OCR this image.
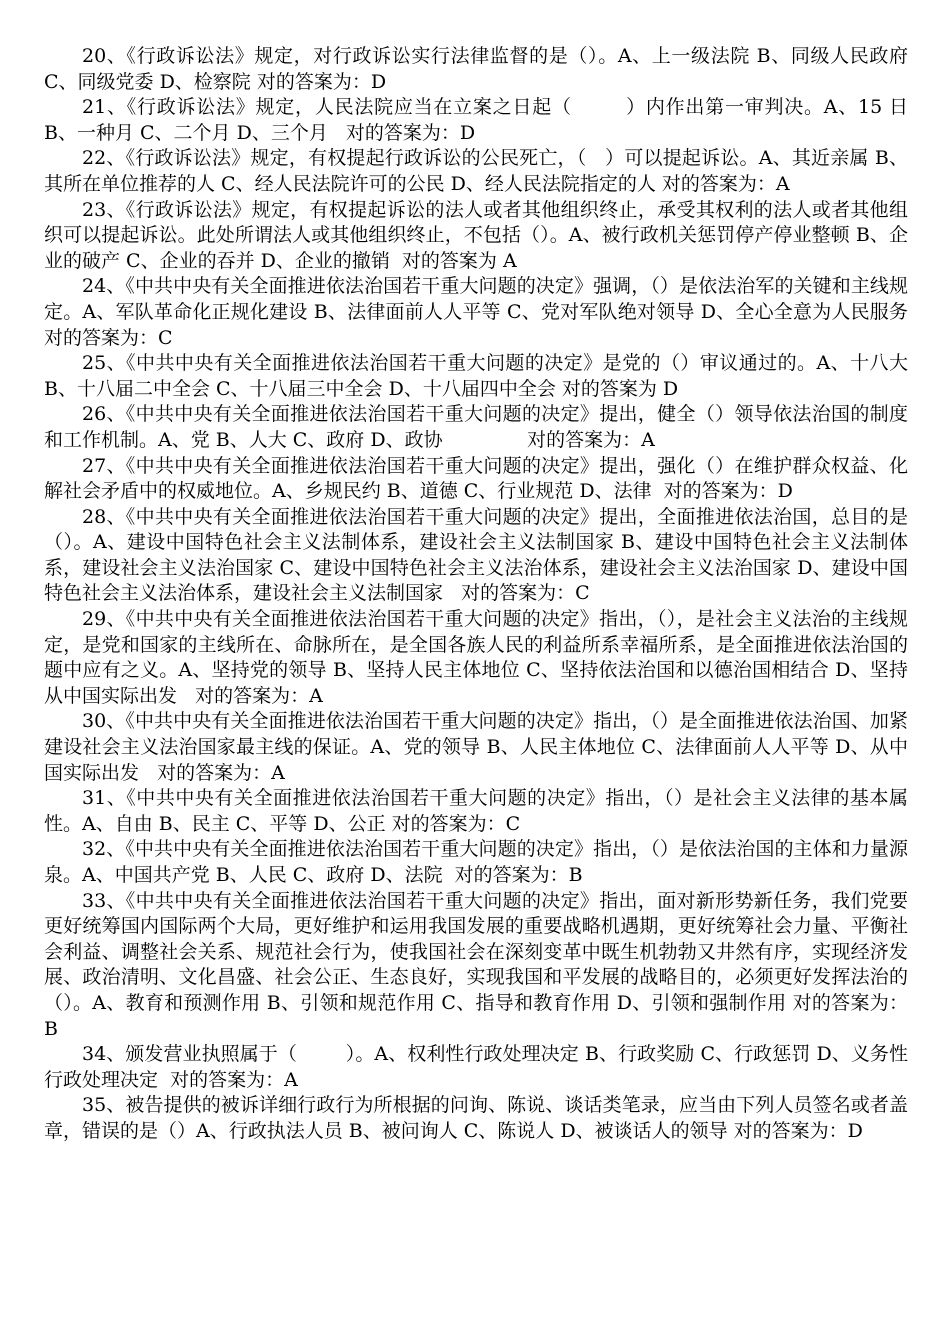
20、《行政诉讼法》规定，对行政诉讼实行法律监督的是（）。A、上一级法院 B、同级人民政府 C、同级党委 D、检察院 对的答案为：D

21、《行政诉讼法》规定，人民法院应当在立案之日起（        ）内作出第一审判决。A、15 日 B、一种月 C、二个月 D、三个月   对的答案为：D

22、《行政诉讼法》规定，有权提起行政诉讼的公民死亡，（   ）可以提起诉讼。A、其近亲属 B、其所在单位推荐的人 C、经人民法院许可的公民 D、经人民法院指定的人 对的答案为：A

23、《行政诉讼法》规定，有权提起诉讼的法人或者其他组织终止，承受其权利的法人或者其他组织可以提起诉讼。此处所谓法人或其他组织终止，不包括（）。A、被行政机关惩罚停产停业整顿 B、企业的破产 C、企业的吞并 D、企业的撤销  对的答案为 A

24、《中共中央有关全面推进依法治国若干重大问题的决定》强调，（）是依法治军的关键和主线规定。A、军队革命化正规化建设 B、法律面前人人平等 C、党对军队绝对领导 D、全心全意为人民服务   对的答案为：C

25、《中共中央有关全面推进依法治国若干重大问题的决定》是党的（）审议通过的。A、十八大 B、十八届二中全会 C、十八届三中全会 D、十八届四中全会 对的答案为 D

26、《中共中央有关全面推进依法治国若干重大问题的决定》提出，健全（）领导依法治国的制度和工作机制。A、党 B、人大 C、政府 D、政协              对的答案为：A

27、《中共中央有关全面推进依法治国若干重大问题的决定》提出，强化（）在维护群众权益、化解社会矛盾中的权威地位。A、乡规民约 B、道德 C、行业规范 D、法律  对的答案为：D

28、《中共中央有关全面推进依法治国若干重大问题的决定》提出，全面推进依法治国，总目的是（）。A、建设中国特色社会主义法制体系，建设社会主义法制国家 B、建设中国特色社会主义法制体系，建设社会主义法治国家 C、建设中国特色社会主义法治体系，建设社会主义法治国家 D、建设中国特色社会主义法治体系，建设社会主义法制国家   对的答案为：C

29、《中共中央有关全面推进依法治国若干重大问题的决定》指出，（），是社会主义法治的主线规定，是党和国家的主线所在、命脉所在，是全国各族人民的利益所系幸福所系，是全面推进依法治国的题中应有之义。A、坚持党的领导 B、坚持人民主体地位 C、坚持依法治国和以德治国相结合 D、坚持从中国实际出发   对的答案为：A

30、《中共中央有关全面推进依法治国若干重大问题的决定》指出，（）是全面推进依法治国、加紧建设社会主义法治国家最主线的保证。A、党的领导 B、人民主体地位 C、法律面前人人平等 D、从中国实际出发   对的答案为：A

31、《中共中央有关全面推进依法治国若干重大问题的决定》指出，（）是社会主义法律的基本属性。A、自由 B、民主 C、平等 D、公正 对的答案为：C

32、《中共中央有关全面推进依法治国若干重大问题的决定》指出，（）是依法治国的主体和力量源泉。A、中国共产党 B、人民 C、政府 D、法院  对的答案为：B

33、《中共中央有关全面推进依法治国若干重大问题的决定》指出，面对新形势新任务，我们党要更好统筹国内国际两个大局，更好维护和运用我国发展的重要战略机遇期，更好统筹社会力量、平衡社会利益、调整社会关系、规范社会行为，使我国社会在深刻变革中既生机勃勃又井然有序，实现经济发展、政治清明、文化昌盛、社会公正、生态良好，实现我国和平发展的战略目的，必须更好发挥法治的（）。A、教育和预测作用 B、引领和规范作用 C、指导和教育作用 D、引领和强制作用 对的答案为：B

34、颁发营业执照属于（        ）。A、权利性行政处理决定 B、行政奖励 C、行政惩罚 D、义务性行政处理决定  对的答案为：A

35、被告提供的被诉详细行政行为所根据的问询、陈说、谈话类笔录，应当由下列人员签名或者盖章，错误的是（）A、行政执法人员 B、被问询人 C、陈说人 D、被谈话人的领导 对的答案为：D
